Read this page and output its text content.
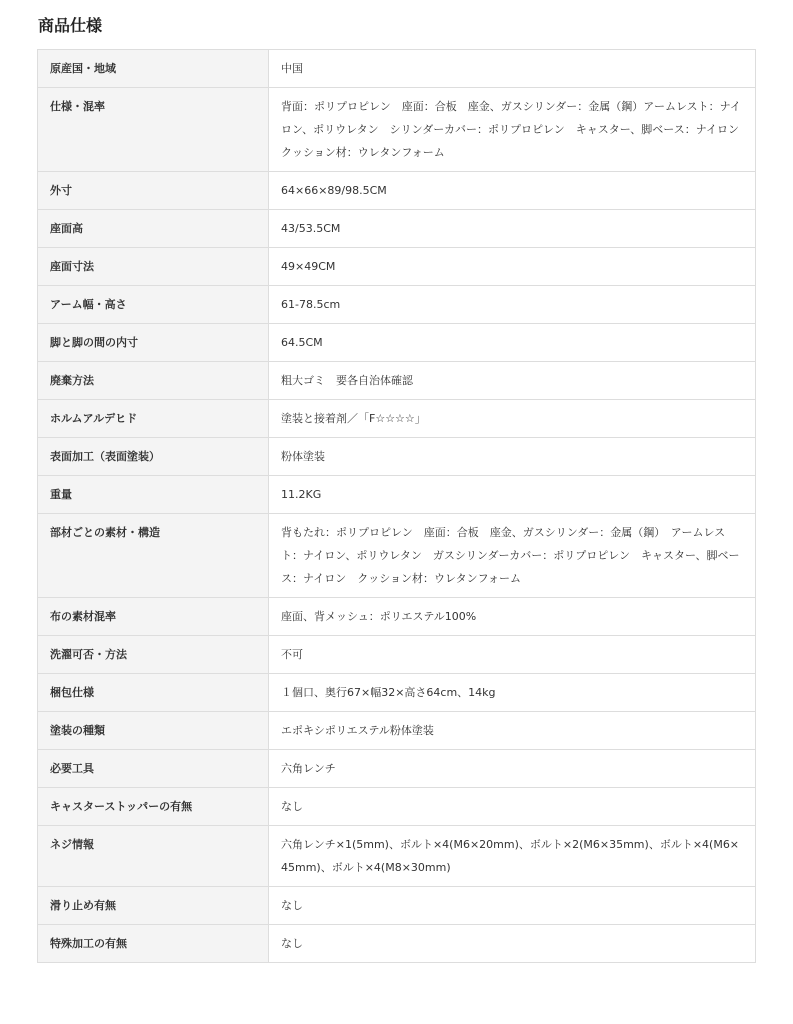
商品仕様
原産国・地域	中国
仕様・混率	背面：ポリプロピレン　座面：合板　座金、ガスシリンダー：金属（鋼）アームレスト：ナイロン、ポリウレタン　シリンダーカバー：ポリプロピレン　キャスター、脚ベース：ナイロン　クッション材：ウレタンフォーム
外寸	64×66×89/98.5CM
座面高	43/53.5CM
座面寸法	49×49CM
アーム幅・高さ	61-78.5cm
脚と脚の間の内寸	64.5CM
廃棄方法	粗大ゴミ　要各自治体確認
ホルムアルデヒド	塗装と接着剤／「F☆☆☆☆」
表面加工（表面塗装）	粉体塗装
重量	11.2KG
部材ごとの素材・構造	背もたれ：ポリプロピレン　座面：合板　座金、ガスシリンダー：金属（鋼）　アームレスト：ナイロン、ポリウレタン　ガスシリンダーカバー：ポリプロピレン　キャスター、脚ベース：ナイロン　クッション材：ウレタンフォーム
布の素材混率	座面、背メッシュ：ポリエステル100%
洗濯可否・方法	不可
梱包仕様	１個口、奥行67×幅32×高さ64cm、14kg
塗装の種類	エポキシポリエステル粉体塗装
必要工具	六角レンチ
キャスターストッパーの有無	なし
ネジ情報	六角レンチ×1(5mm)、ボルト×4(M6×20mm)、ボルト×2(M6×35mm)、ボルト×4(M6×45mm)、ボルト×4(M8×30mm)
滑り止め有無	なし
特殊加工の有無	なし
